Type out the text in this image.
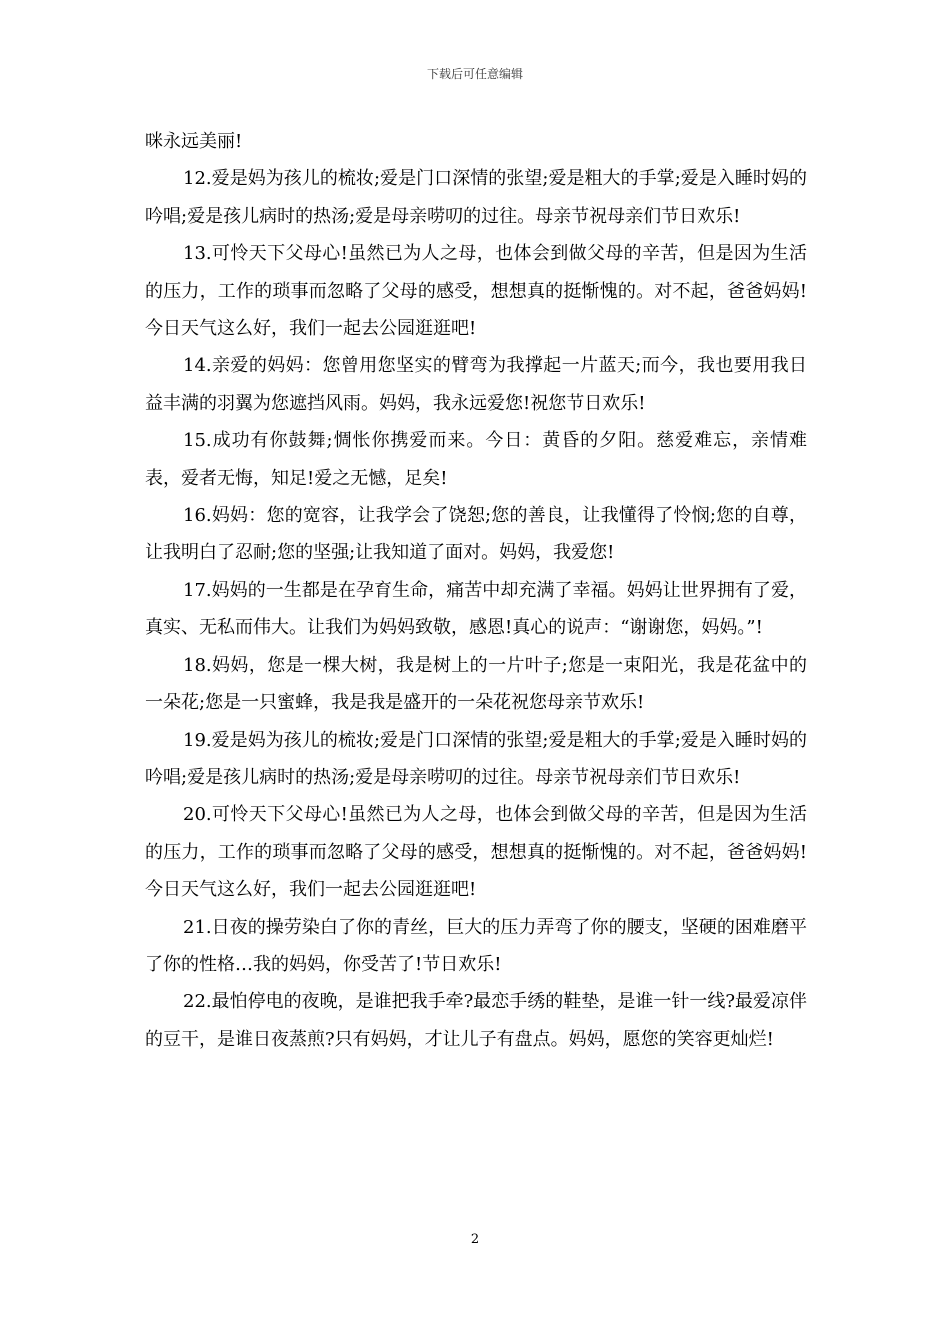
下载后可任意编辑

咪永远美丽!

12.爱是妈为孩儿的梳妆;爱是门口深情的张望;爱是粗大的手掌;爱是入睡时妈的吟唱;爱是孩儿病时的热汤;爱是母亲唠叨的过往。母亲节祝母亲们节日欢乐!

13.可怜天下父母心!虽然已为人之母，也体会到做父母的辛苦，但是因为生活的压力，工作的琐事而忽略了父母的感受，想想真的挺惭愧的。对不起，爸爸妈妈!今日天气这么好，我们一起去公园逛逛吧!

14.亲爱的妈妈：您曾用您坚实的臂弯为我撑起一片蓝天;而今，我也要用我日益丰满的羽翼为您遮挡风雨。妈妈，我永远爱您!祝您节日欢乐!

15.成功有你鼓舞;惆怅你携爱而来。今日：黄昏的夕阳。慈爱难忘，亲情难表，爱者无悔，知足!爱之无憾，足矣!

16.妈妈：您的宽容，让我学会了饶恕;您的善良，让我懂得了怜悯;您的自尊，让我明白了忍耐;您的坚强;让我知道了面对。妈妈，我爱您!

17.妈妈的一生都是在孕育生命，痛苦中却充满了幸福。妈妈让世界拥有了爱，真实、无私而伟大。让我们为妈妈致敬，感恩!真心的说声：“谢谢您，妈妈。”!

18.妈妈，您是一棵大树，我是树上的一片叶子;您是一束阳光，我是花盆中的一朵花;您是一只蜜蜂，我是我是盛开的一朵花祝您母亲节欢乐!

19.爱是妈为孩儿的梳妆;爱是门口深情的张望;爱是粗大的手掌;爱是入睡时妈的吟唱;爱是孩儿病时的热汤;爱是母亲唠叨的过往。母亲节祝母亲们节日欢乐!

20.可怜天下父母心!虽然已为人之母，也体会到做父母的辛苦，但是因为生活的压力，工作的琐事而忽略了父母的感受，想想真的挺惭愧的。对不起，爸爸妈妈!今日天气这么好，我们一起去公园逛逛吧!

21.日夜的操劳染白了你的青丝，巨大的压力弄弯了你的腰支，坚硬的困难磨平了你的性格…我的妈妈，你受苦了!节日欢乐!

22.最怕停电的夜晚，是谁把我手牵?最恋手绣的鞋垫，是谁一针一线?最爱凉伴的豆干，是谁日夜蒸煎?只有妈妈，才让儿子有盘点。妈妈，愿您的笑容更灿烂!

2
